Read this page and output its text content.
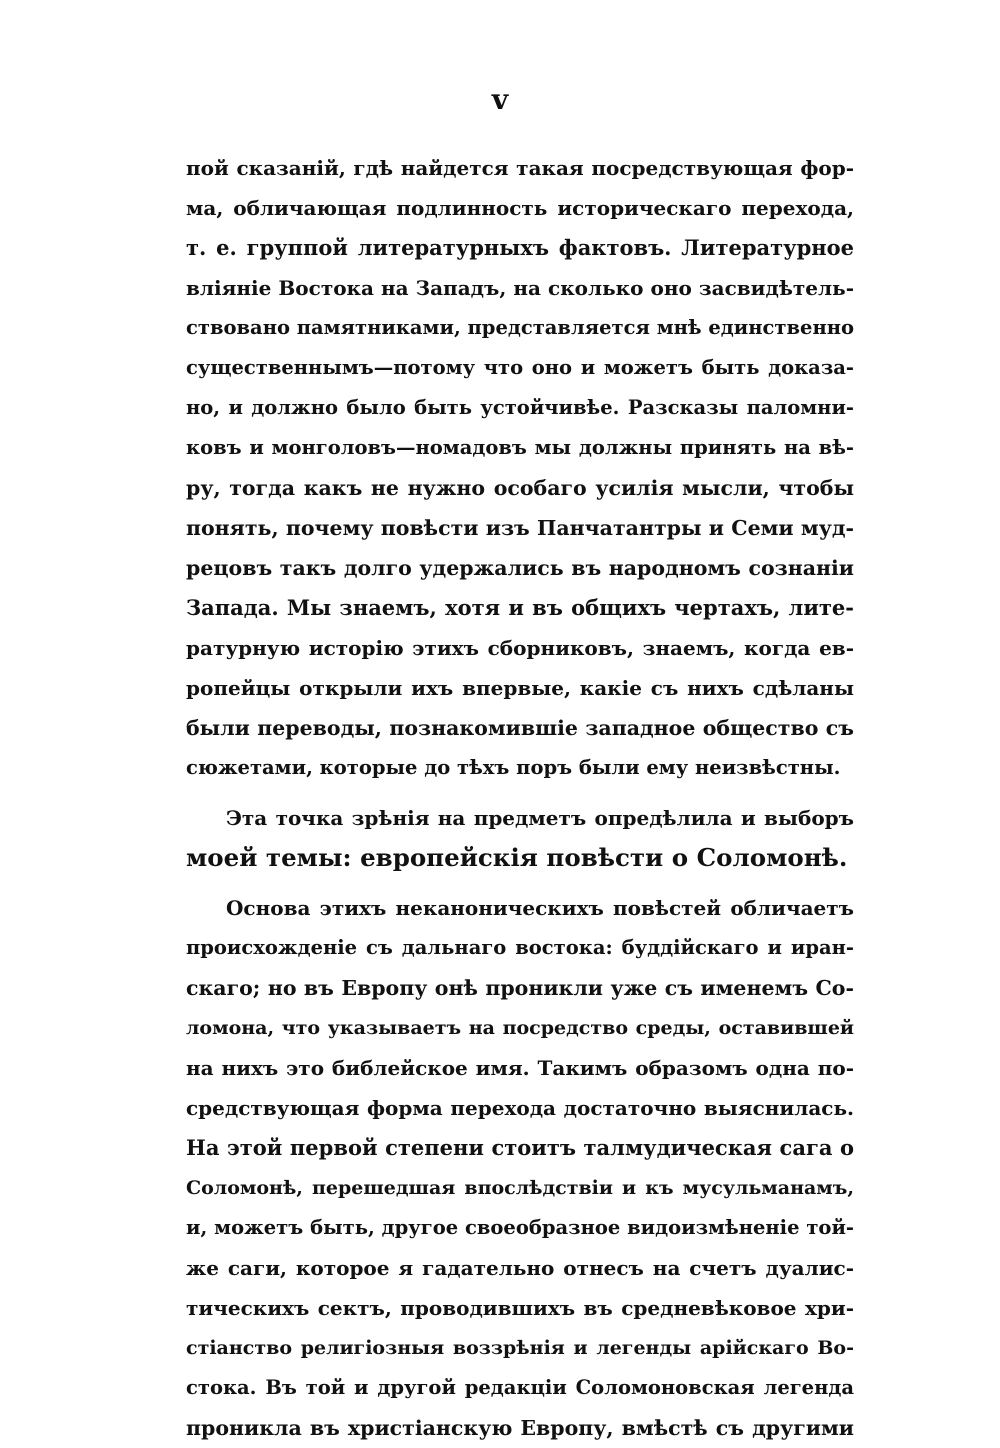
v
пой сказаній, гдѣ найдется такая посредствующая фор-
ма, обличающая подлинность историческаго перехода,
т. е. группой литературныхъ фактовъ. Литературное
вліяніе Востока на Западъ, на сколько оно засвидѣтель-
ствовано памятниками, представляется мнѣ единственно
существеннымъ—потому что оно и можетъ быть доказа-
но, и должно было быть устойчивѣе. Разсказы паломни-
ковъ и монголовъ—номадовъ мы должны принять на вѣ-
ру, тогда какъ не нужно особаго усилія мысли, чтобы
понять, почему повѣсти изъ Панчатантры и Семи муд-
рецовъ такъ долго удержались въ народномъ сознаніи
Запада. Мы знаемъ, хотя и въ общихъ чертахъ, лите-
ратурную исторію этихъ сборниковъ, знаемъ, когда ев-
ропейцы открыли ихъ впервые, какіе съ нихъ сдѣланы
были переводы, познакомившіе западное общество съ
сюжетами, которые до тѣхъ поръ были ему неизвѣстны.
Эта точка зрѣнія на предметъ опредѣлила и выборъ
моей темы: европейскія повѣсти о Соломонѣ.
Основа этихъ неканоническихъ повѣстей обличаетъ
происхожденіе съ дальнаго востока: буддійскаго и иран-
скаго; но въ Европу онѣ проникли уже съ именемъ Со-
ломона, что указываетъ на посредство среды, оставившей
на нихъ это библейское имя. Такимъ образомъ одна по-
средствующая форма перехода достаточно выяснилась.
На этой первой степени стоитъ талмудическая сага о
Соломонѣ, перешедшая впослѣдствіи и къ мусульманамъ,
и, можетъ быть, другое своеобразное видоизмѣненіе той-
же саги, которое я гадательно отнесъ на счетъ дуалис-
тическихъ сектъ, проводившихъ въ средневѣковое хри-
стіанство религіозныя воззрѣнія и легенды арійскаго Во-
стока. Въ той и другой редакціи Соломоновская легенда
проникла въ христіанскую Европу, вмѣстѣ съ другими
